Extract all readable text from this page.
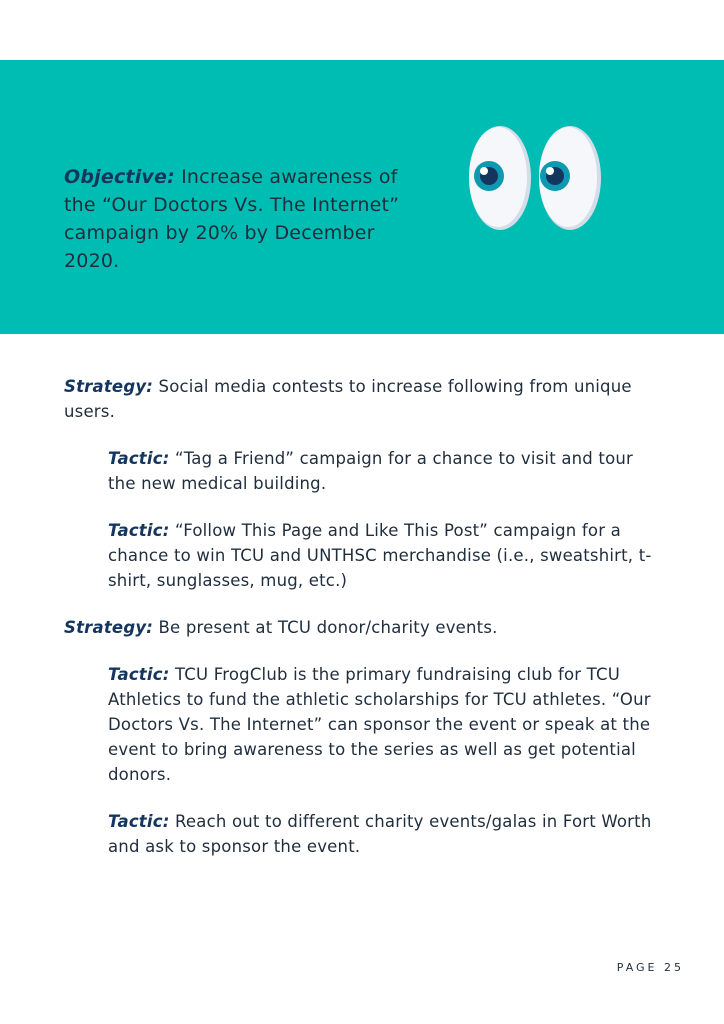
Objective: Increase awareness of the “Our Doctors Vs. The Internet” campaign by 20% by December 2020.

Strategy: Social media contests to increase following from unique users.

Tactic: “Tag a Friend” campaign for a chance to visit and tour the new medical building.

Tactic: “Follow This Page and Like This Post” campaign for a chance to win TCU and UNTHSC merchandise (i.e., sweatshirt, t-shirt, sunglasses, mug, etc.)

Strategy: Be present at TCU donor/charity events.

Tactic: TCU FrogClub is the primary fundraising club for TCU Athletics to fund the athletic scholarships for TCU athletes. “Our Doctors Vs. The Internet” can sponsor the event or speak at the event to bring awareness to the series as well as get potential donors.

Tactic: Reach out to different charity events/galas in Fort Worth and ask to sponsor the event.

PAGE 25
